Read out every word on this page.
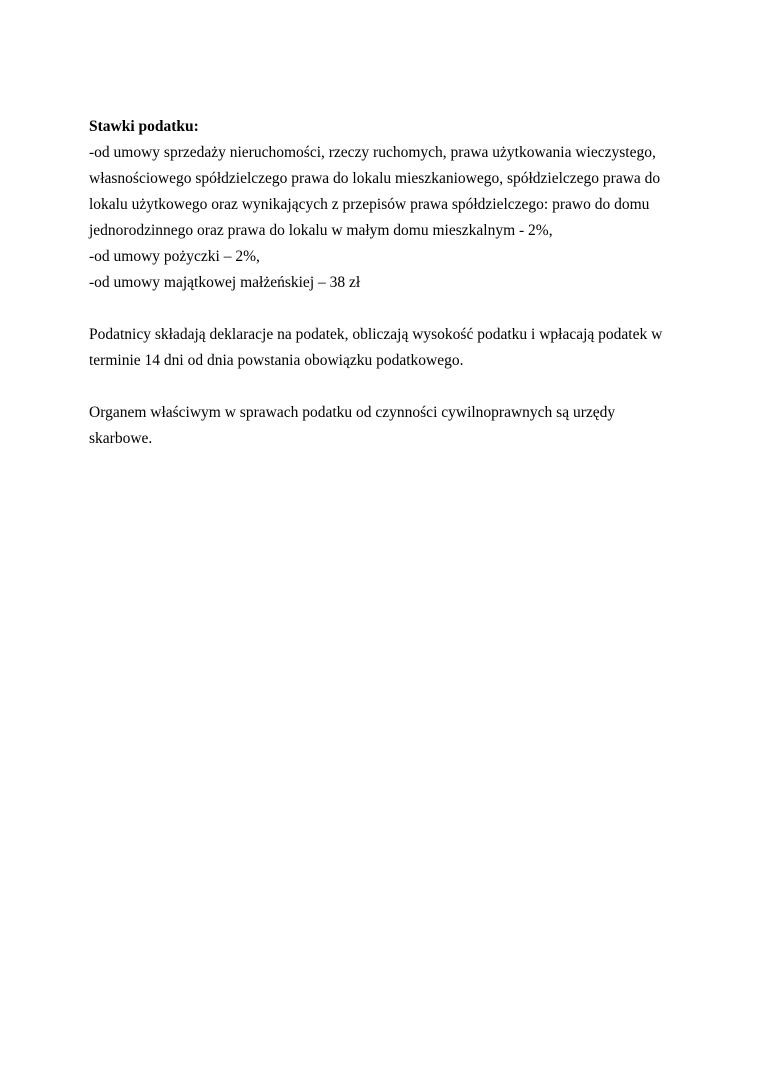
Stawki podatku:
-od umowy sprzedaży nieruchomości, rzeczy ruchomych, prawa użytkowania wieczystego,
własnościowego spółdzielczego prawa do lokalu mieszkaniowego, spółdzielczego prawa do
lokalu użytkowego oraz wynikających z przepisów prawa spółdzielczego: prawo do domu
jednorodzinnego oraz prawa do lokalu w małym domu mieszkalnym - 2%,
-od umowy pożyczki – 2%,
-od umowy majątkowej małżeńskiej – 38 zł
Podatnicy składają deklaracje na podatek, obliczają wysokość podatku i wpłacają podatek w
terminie 14 dni od dnia powstania obowiązku podatkowego.
Organem właściwym w sprawach podatku od czynności cywilnoprawnych są urzędy
skarbowe.
